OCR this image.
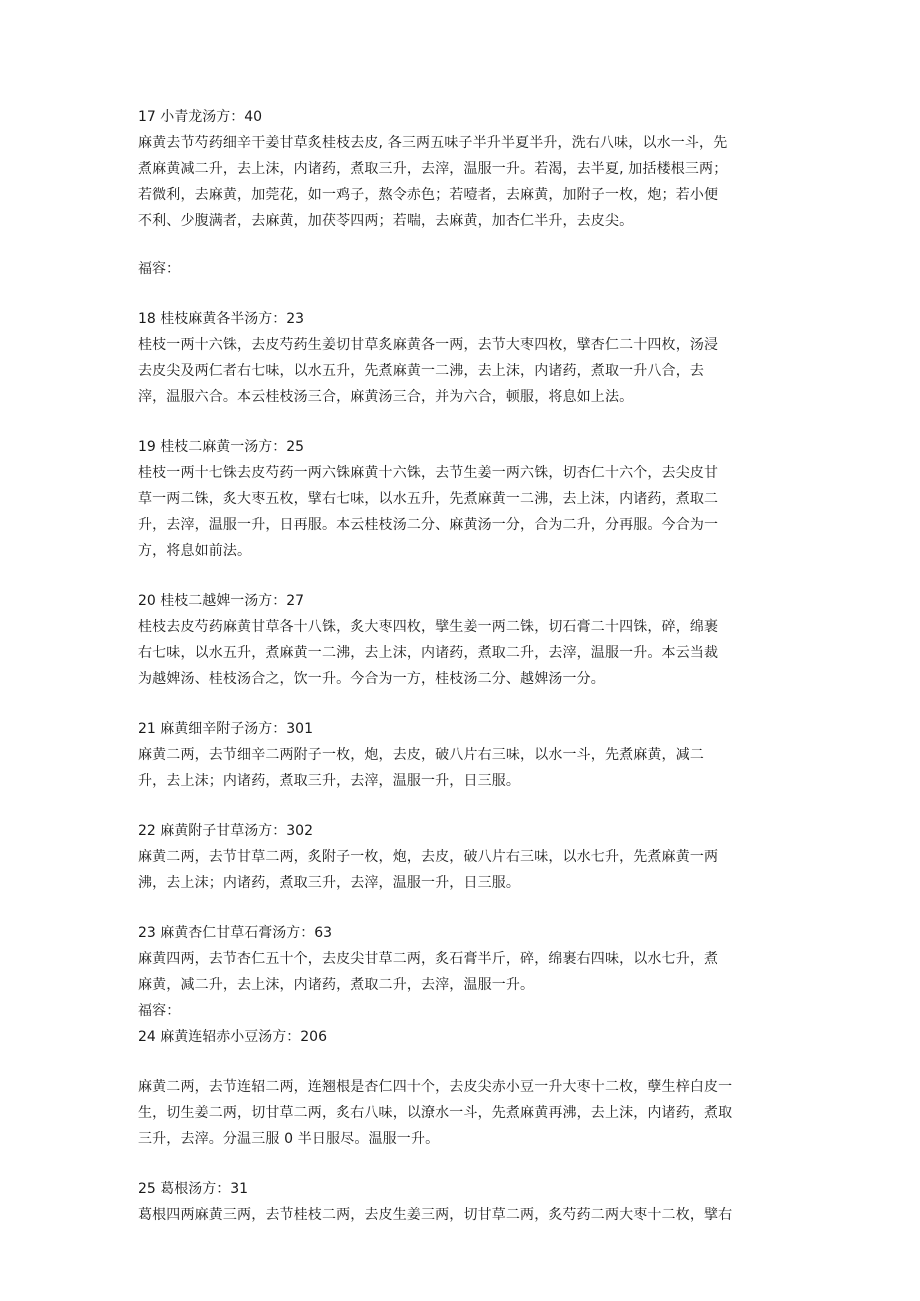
17 小青龙汤方：40
麻黄去节芍药细辛干姜甘草炙桂枝去皮, 各三两五味子半升半夏半升，洗右八味，以水一斗，先
煮麻黄减二升，去上沫，内诸药，煮取三升，去滓，温服一升。若渴，去半夏, 加括楼根三两；
若微利，去麻黄，加莞花，如一鸡子，熬令赤色；若噎者，去麻黄，加附子一枚，炮；若小便
不利、少腹满者，去麻黄，加茯苓四两；若喘，去麻黄，加杏仁半升，去皮尖。
福容：
18 桂枝麻黄各半汤方：23
桂枝一两十六铢，去皮芍药生姜切甘草炙麻黄各一两，去节大枣四枚，擘杏仁二十四枚，汤浸
去皮尖及两仁者右七味，以水五升，先煮麻黄一二沸，去上沫，内诸药，煮取一升八合，去
滓，温服六合。本云桂枝汤三合，麻黄汤三合，并为六合，顿服，将息如上法。
19 桂枝二麻黄一汤方：25
桂枝一两十七铢去皮芍药一两六铢麻黄十六铢，去节生姜一两六铢，切杏仁十六个，去尖皮甘
草一两二铢，炙大枣五枚，擘右七味，以水五升，先煮麻黄一二沸，去上沫，内诸药，煮取二
升，去滓，温服一升，日再服。本云桂枝汤二分、麻黄汤一分，合为二升，分再服。今合为一
方，将息如前法。
20 桂枝二越婢一汤方：27
桂枝去皮芍药麻黄甘草各十八铢，炙大枣四枚，擘生姜一两二铢，切石膏二十四铢，碎，绵裹
右七味，以水五升，煮麻黄一二沸，去上沫，内诸药，煮取二升，去滓，温服一升。本云当裁
为越婢汤、桂枝汤合之，饮一升。今合为一方，桂枝汤二分、越婢汤一分。
21 麻黄细辛附子汤方：301
麻黄二两，去节细辛二两附子一枚，炮，去皮，破八片右三味，以水一斗，先煮麻黄，减二
升，去上沫；内诸药，煮取三升，去滓，温服一升，日三服。
22 麻黄附子甘草汤方：302
麻黄二两，去节甘草二两，炙附子一枚，炮，去皮，破八片右三味，以水七升，先煮麻黄一两
沸，去上沫；内诸药，煮取三升，去滓，温服一升，日三服。
23 麻黄杏仁甘草石膏汤方：63
麻黄四两，去节杏仁五十个，去皮尖甘草二两，炙石膏半斤，碎，绵裹右四味，以水七升，煮
麻黄，减二升，去上沫，内诸药，煮取二升，去滓，温服一升。
福容：
24 麻黄连轺赤小豆汤方：206
麻黄二两，去节连轺二两，连翘根是杏仁四十个，去皮尖赤小豆一升大枣十二枚，孽生梓白皮一
生，切生姜二两，切甘草二两，炙右八味，以潦水一斗，先煮麻黄再沸，去上沫，内诸药，煮取
三升，去滓。分温三服 0 半日服尽。温服一升。
25 葛根汤方：31
葛根四两麻黄三两，去节桂枝二两，去皮生姜三两，切甘草二两，炙芍药二两大枣十二枚，擘右
